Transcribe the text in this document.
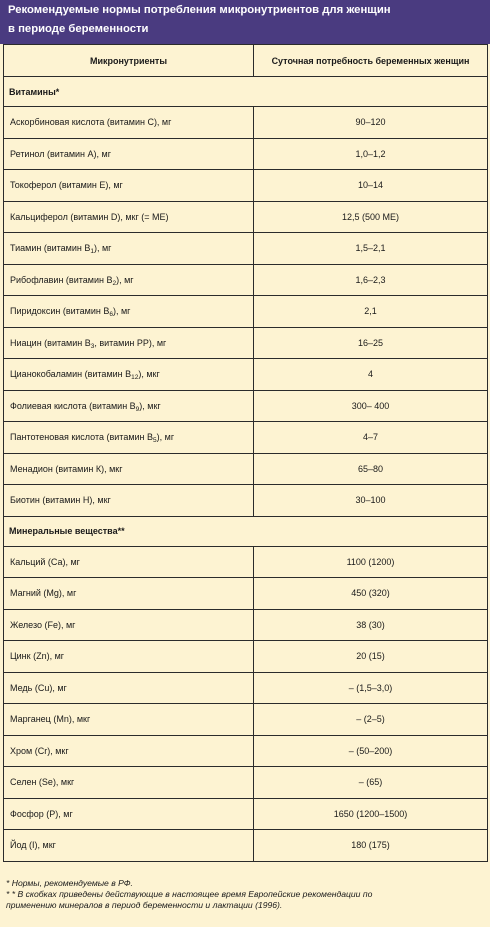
Рекомендуемые нормы потребления микронутриентов для женщин
в периоде беременности
Микронутриенты	Суточная потребность беременных женщин
Витамины*	
Аскорбиновая кислота (витамин C), мг	90–120
Ретинол (витамин А), мг	1,0–1,2
Токоферол (витамин Е), мг	10–14
Кальциферол (витамин D), мкг (= МЕ)	12,5 (500 МЕ)
Тиамин (витамин $В_1$), мг	1,5–2,1
Рибофлавин (витамин $В_2$), мг	1,6–2,3
Пиридоксин (витамин $В_6$), мг	2,1
Ниацин (витамин $В_3$, витамин РР), мг	16–25
Цианокобаламин (витамин $В_{12}$), мкг	4
Фолиевая кислота (витамин $В_9$), мкг	300– 400
Пантотеновая кислота (витамин $В_5$), мг	4–7
Менадион (витамин К), мкг	65–80
Биотин (витамин Н), мкг	30–100
Минеральные вещества**	
Кальций (Са), мг	1100 (1200)
Магний (Mg), мг	450 (320)
Железо (Fe), мг	38 (30)
Цинк (Zn), мг	20 (15)
Медь (Cu), мг	– (1,5–3,0)
Марганец (Mn), мкг	– (2–5)
Хром (Cr), мкг	– (50–200)
Селен (Se), мкг	– (65)
Фосфор (Р), мг	1650 (1200–1500)
Йод (I), мкг	180 (175)
* Нормы, рекомендуемые в РФ.
* * В скобках приведены действующие в настоящее время Европейские рекомендации по
применению минералов в период беременности и лактации (1996).
